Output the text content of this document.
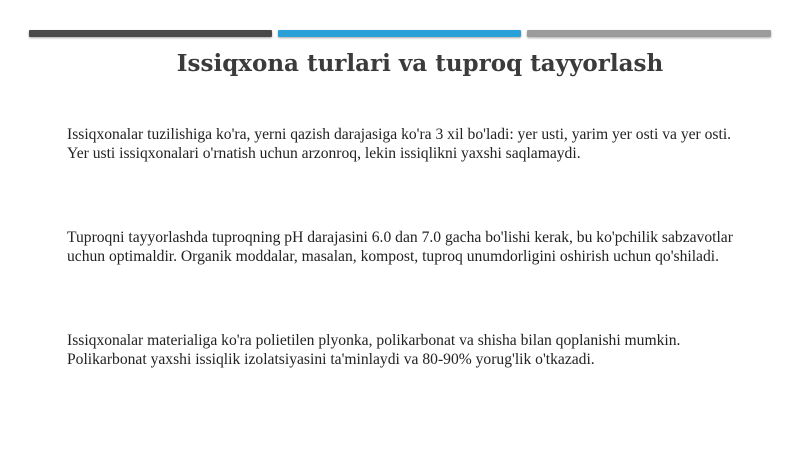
Issiqxona turlari va tuproq tayyorlash

Issiqxonalar tuzilishiga ko'ra, yerni qazish darajasiga ko'ra 3 xil bo'ladi: yer usti, yarim yer osti va yer osti. Yer usti issiqxonalari o'rnatish uchun arzonroq, lekin issiqlikni yaxshi saqlamaydi.

Tuproqni tayyorlashda tuproqning pH darajasini 6.0 dan 7.0 gacha bo'lishi kerak, bu ko'pchilik sabzavotlar uchun optimaldir. Organik moddalar, masalan, kompost, tuproq unumdorligini oshirish uchun qo'shiladi.

Issiqxonalar materialiga ko'ra polietilen plyonka, polikarbonat va shisha bilan qoplanishi mumkin. Polikarbonat yaxshi issiqlik izolatsiyasini ta'minlaydi va 80-90% yorug'lik o'tkazadi.
